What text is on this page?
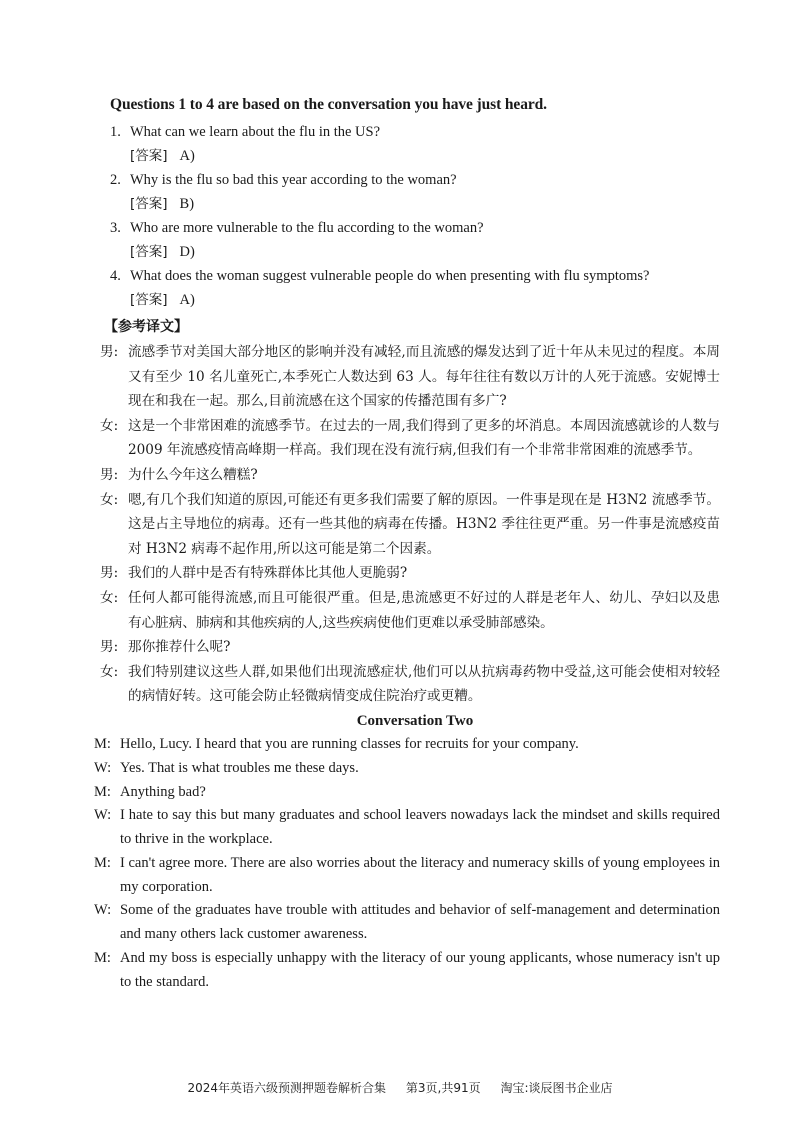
Questions 1 to 4 are based on the conversation you have just heard.

1. What can we learn about the flu in the US?

[答案] A)

2. Why is the flu so bad this year according to the woman?

[答案] B)

3. Who are more vulnerable to the flu according to the woman?

[答案] D)

4. What does the woman suggest vulnerable people do when presenting with flu symptoms?

[答案] A)

【参考译文】

男: 流感季节对美国大部分地区的影响并没有减轻,而且流感的爆发达到了近十年从未见过的程度。本周又有至少 10 名儿童死亡,本季死亡人数达到 63 人。每年往往有数以万计的人死于流感。安妮博士现在和我在一起。那么,目前流感在这个国家的传播范围有多广?

女: 这是一个非常困难的流感季节。在过去的一周,我们得到了更多的坏消息。本周因流感就诊的人数与 2009 年流感疫情高峰期一样高。我们现在没有流行病,但我们有一个非常非常困难的流感季节。

男: 为什么今年这么糟糕?

女: 嗯,有几个我们知道的原因,可能还有更多我们需要了解的原因。一件事是现在是 H3N2 流感季节。这是占主导地位的病毒。还有一些其他的病毒在传播。H3N2 季往往更严重。另一件事是流感疫苗对 H3N2 病毒不起作用,所以这可能是第二个因素。

男: 我们的人群中是否有特殊群体比其他人更脆弱?

女: 任何人都可能得流感,而且可能很严重。但是,患流感更不好过的人群是老年人、幼儿、孕妇以及患有心脏病、肺病和其他疾病的人,这些疾病使他们更难以承受肺部感染。

男: 那你推荐什么呢?

女: 我们特别建议这些人群,如果他们出现流感症状,他们可以从抗病毒药物中受益,这可能会使相对较轻的病情好转。这可能会防止轻微病情变成住院治疗或更糟。

Conversation Two

M: Hello, Lucy. I heard that you are running classes for recruits for your company.

W: Yes. That is what troubles me these days.

M: Anything bad?

W: I hate to say this but many graduates and school leavers nowadays lack the mindset and skills required to thrive in the workplace.

M: I can't agree more. There are also worries about the literacy and numeracy skills of young employees in my corporation.

W: Some of the graduates have trouble with attitudes and behavior of self-management and determination and many others lack customer awareness.

M: And my boss is especially unhappy with the literacy of our young applicants, whose numeracy isn't up to the standard.

2024年英语六级预测押题卷解析合集 第3页,共91页 淘宝:谈辰图书企业店
